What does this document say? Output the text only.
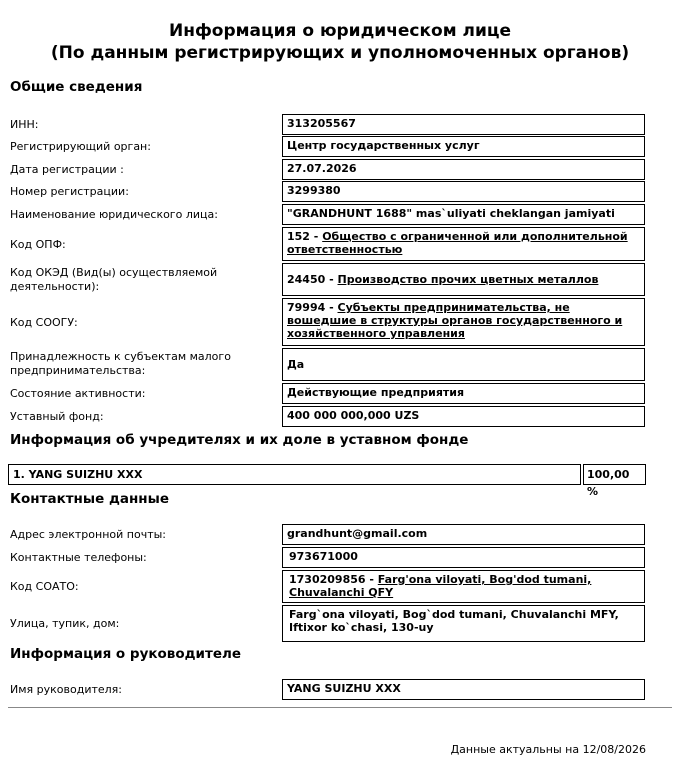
Информация о юридическом лице
(По данным регистрирующих и уполномоченных органов)
Общие сведения
ИНН:	313205567
Регистрирующий орган:	Центр государственных услуг
Дата регистрации :	27.07.2026
Номер регистрации:	3299380
Наименование юридического лица:	"GRANDHUNT 1688" mas`uliyati cheklangan jamiyati
Код ОПФ:
152 - Общество с ограниченной или дополнительной ответственностью
Код ОКЭД (Вид(ы) осуществляемой деятельности):
24450 - Производство прочих цветных металлов
Код СООГУ:
79994 - Субъекты предпринимательства, не вошедшие в структуры органов государственного и хозяйственного управления
Принадлежность к субъектам малого предпринимательства:	Да
Состояние активности:	Действующие предприятия
Уставный фонд:	400 000 000,000 UZS
Информация об учредителях и их доле в уставном фонде
1. YANG SUIZHU XXX	100,00 %
Контактные данные
Адрес электронной почты:	grandhunt@gmail.com
Контактные телефоны:	973671000
Код СОАТО:
1730209856 - Farg'ona viloyati, Bog'dod tumani, Chuvalanchi QFY
Улица, тупик, дом:
Farg`ona viloyati, Bog`dod tumani, Chuvalanchi MFY, Iftixor ko`chasi, 130-uy
Информация о руководителе
Имя руководителя:	YANG SUIZHU XXX
Данные актуальны на 12/08/2026
